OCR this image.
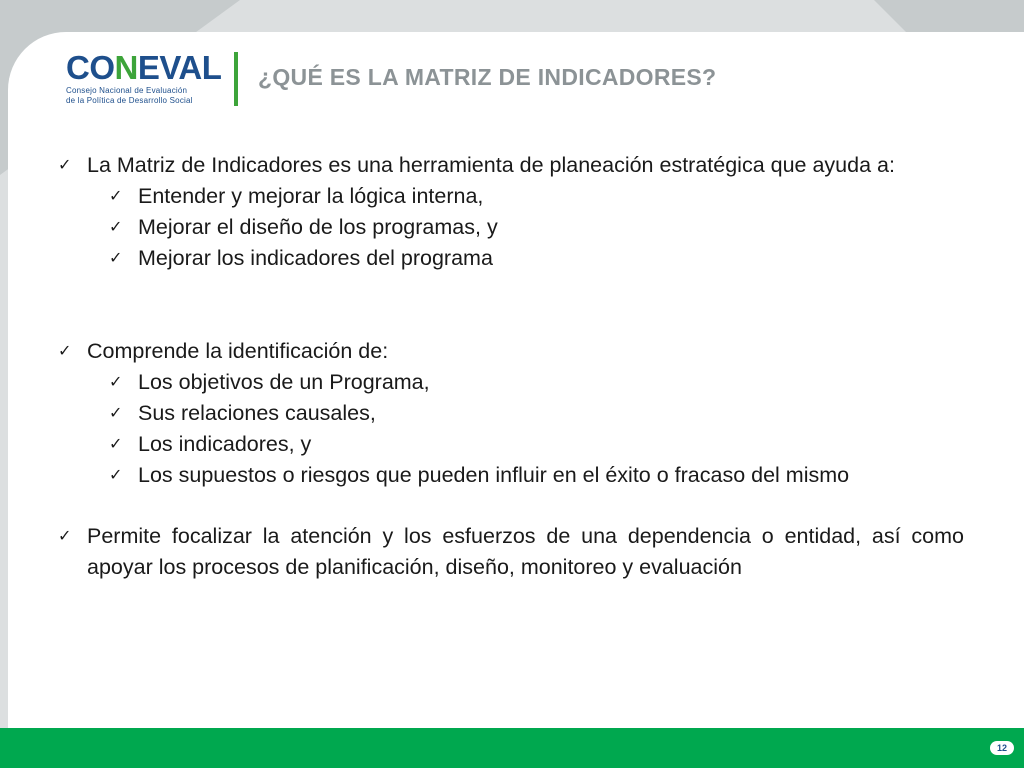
CONEVAL
Consejo Nacional de Evaluación
de la Política de Desarrollo Social
¿QUÉ ES LA MATRIZ DE INDICADORES?
✓ La Matriz de Indicadores es una herramienta de planeación estratégica que ayuda a:
✓ Entender y mejorar la lógica interna,
✓ Mejorar el diseño de los programas, y
✓ Mejorar los indicadores del programa
✓ Comprende la identificación de:
✓ Los objetivos de un Programa,
✓ Sus relaciones causales,
✓ Los indicadores, y
✓ Los supuestos o riesgos que pueden influir en el éxito o fracaso del mismo
✓ Permite focalizar la atención y los esfuerzos de una dependencia o entidad, así como apoyar los procesos de planificación, diseño, monitoreo y evaluación
12
